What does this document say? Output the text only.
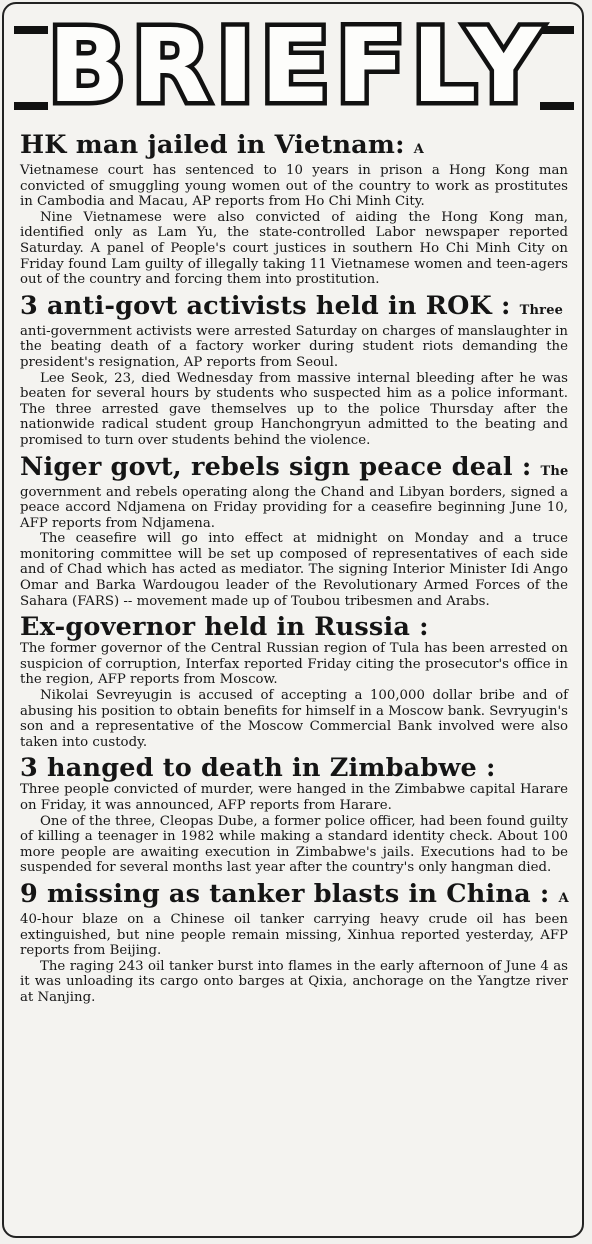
BRIEFLY
HK man jailed in Vietnam: A

Vietnamese court has sentenced to 10 years in prison a Hong Kong man convicted of smuggling young women out of the country to work as prostitutes in Cambodia and Macau, AP reports from Ho Chi Minh City.

Nine Vietnamese were also convicted of aiding the Hong Kong man, identified only as Lam Yu, the state-controlled Labor newspaper reported Saturday. A panel of People's court justices in southern Ho Chi Minh City on Friday found Lam guilty of illegally taking 11 Vietnamese women and teen-agers out of the country and forcing them into prostitution.

3 anti-govt activists held in ROK : Three

anti-government activists were arrested Saturday on charges of manslaughter in the beating death of a factory worker during student riots demanding the president's resignation, AP reports from Seoul.

Lee Seok, 23, died Wednesday from massive internal bleeding after he was beaten for several hours by students who suspected him as a police informant. The three arrested gave themselves up to the police Thursday after the nationwide radical student group Hanchongryun admitted to the beating and promised to turn over students behind the violence.

Niger govt, rebels sign peace deal : The

government and rebels operating along the Chand and Libyan borders, signed a peace accord Ndjamena on Friday providing for a ceasefire beginning June 10, AFP reports from Ndjamena.

The ceasefire will go into effect at midnight on Monday and a truce monitoring committee will be set up composed of representatives of each side and of Chad which has acted as mediator. The signing Interior Minister Idi Ango Omar and Barka Wardougou leader of the Revolutionary Armed Forces of the Sahara (FARS) -- movement made up of Toubou tribesmen and Arabs.

Ex-governor held in Russia :

The former governor of the Central Russian region of Tula has been arrested on suspicion of corruption, Interfax reported Friday citing the prosecutor's office in the region, AFP reports from Moscow.

Nikolai Sevreyugin is accused of accepting a 100,000 dollar bribe and of abusing his position to obtain benefits for himself in a Moscow bank. Sevryugin's son and a representative of the Moscow Commercial Bank involved were also taken into custody.

3 hanged to death in Zimbabwe :

Three people convicted of murder, were hanged in the Zimbabwe capital Harare on Friday, it was announced, AFP reports from Harare.

One of the three, Cleopas Dube, a former police officer, had been found guilty of killing a teenager in 1982 while making a standard identity check. About 100 more people are awaiting execution in Zimbabwe's jails. Executions had to be suspended for several months last year after the country's only hangman died.

9 missing as tanker blasts in China : A

40-hour blaze on a Chinese oil tanker carrying heavy crude oil has been extinguished, but nine people remain missing, Xinhua reported yesterday, AFP reports from Beijing.

The raging 243 oil tanker burst into flames in the early afternoon of June 4 as it was unloading its cargo onto barges at Qixia, anchorage on the Yangtze river at Nanjing.
